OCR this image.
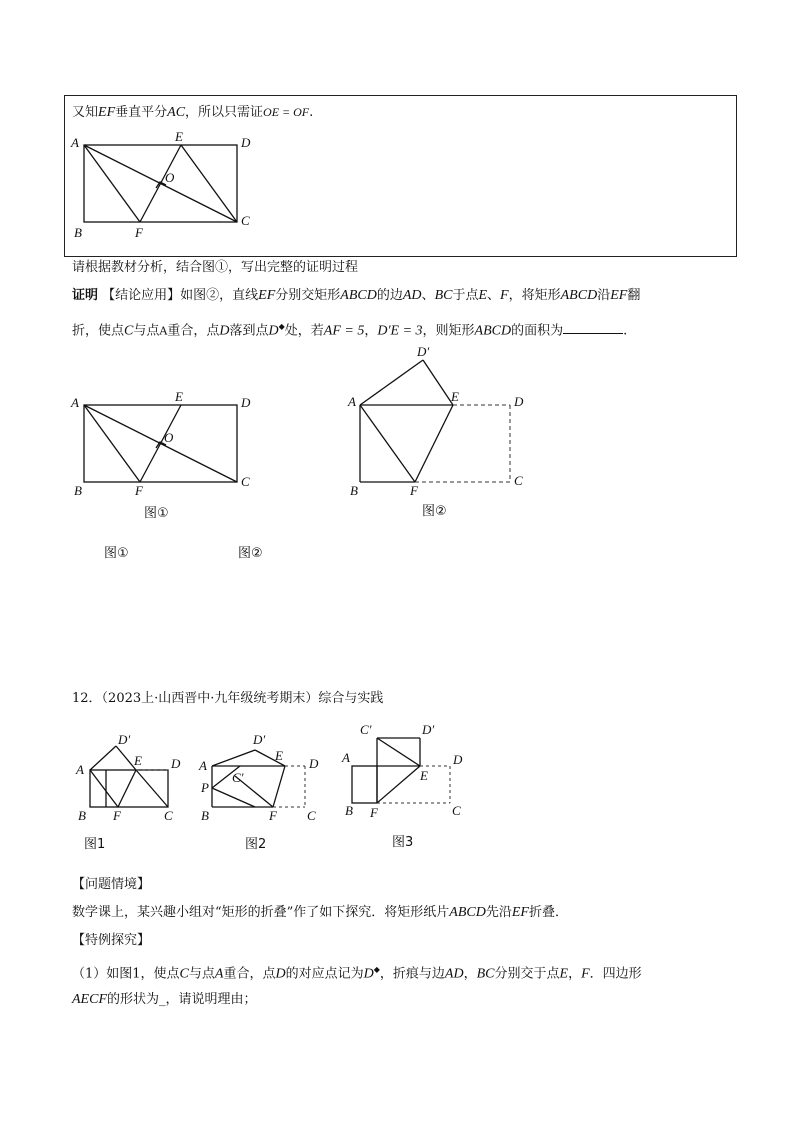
又知EF垂直平分AC，所以只需证OE = OF.
A	D
E
O
B	F
C
请根据教材分析，结合图①，写出完整的证明过程
证明 【结论应用】如图②，直线EF分别交矩形ABCD的边AD、BC于点E、F，将矩形ABCD沿EF翻
折，使点C与点A重合，点D落到点D◆处，若AF = 5，D′E = 3，则矩形ABCD的面积为	.
A	D
E
O
B	F
C
图①
D′
A	E	D
B	F
C
图②
图①	图②
12．（2023上·山西晋中·九年级统考期末）综合与实践
D′
A
E D
B F	C
图1
D′
A
E
D
P
C′
B	F C
图2
C′	D′
A
E
D
B F	C
图3
【问题情境】
数学课上，某兴趣小组对“矩形的折叠”作了如下探究．将矩形纸片ABCD先沿EF折叠．
【特例探究】
（1）如图1，使点C与点A重合，点D的对应点记为D◆，折痕与边AD，BC分别交于点E，F．四边形
AECF的形状为_，请说明理由；
